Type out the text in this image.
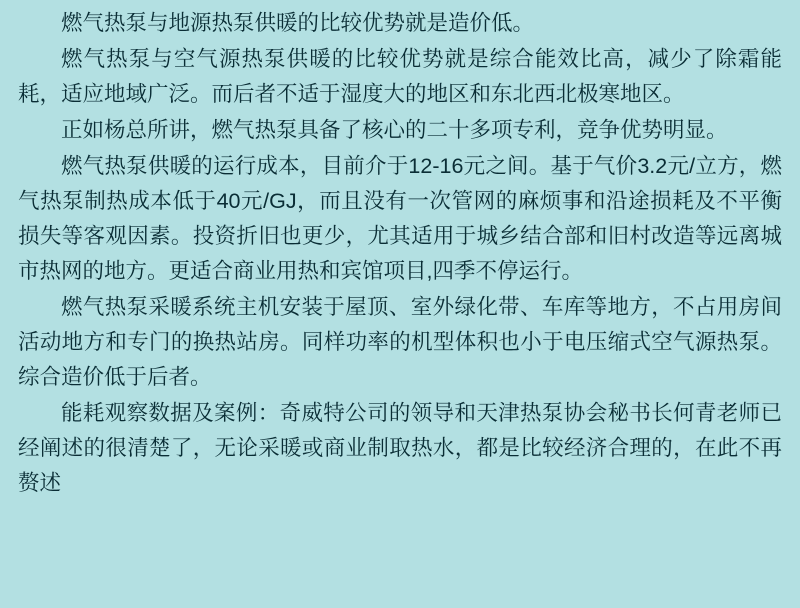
燃气热泵与地源热泵供暖的比较优势就是造价低。

燃气热泵与空气源热泵供暖的比较优势就是综合能效比高，减少了除霜能耗，适应地域广泛。而后者不适于湿度大的地区和东北西北极寒地区。

正如杨总所讲，燃气热泵具备了核心的二十多项专利，竞争优势明显。

燃气热泵供暖的运行成本，目前介于12-16元之间。基于气价3.2元/立方，燃气热泵制热成本低于40元/GJ，而且没有一次管网的麻烦事和沿途损耗及不平衡损失等客观因素。投资折旧也更少，尤其适用于城乡结合部和旧村改造等远离城市热网的地方。更适合商业用热和宾馆项目,四季不停运行。

燃气热泵采暖系统主机安装于屋顶、室外绿化带、车库等地方，不占用房间活动地方和专门的换热站房。同样功率的机型体积也小于电压缩式空气源热泵。综合造价低于后者。

能耗观察数据及案例：奇威特公司的领导和天津热泵协会秘书长何青老师已经阐述的很清楚了，无论采暖或商业制取热水，都是比较经济合理的，在此不再赘述
